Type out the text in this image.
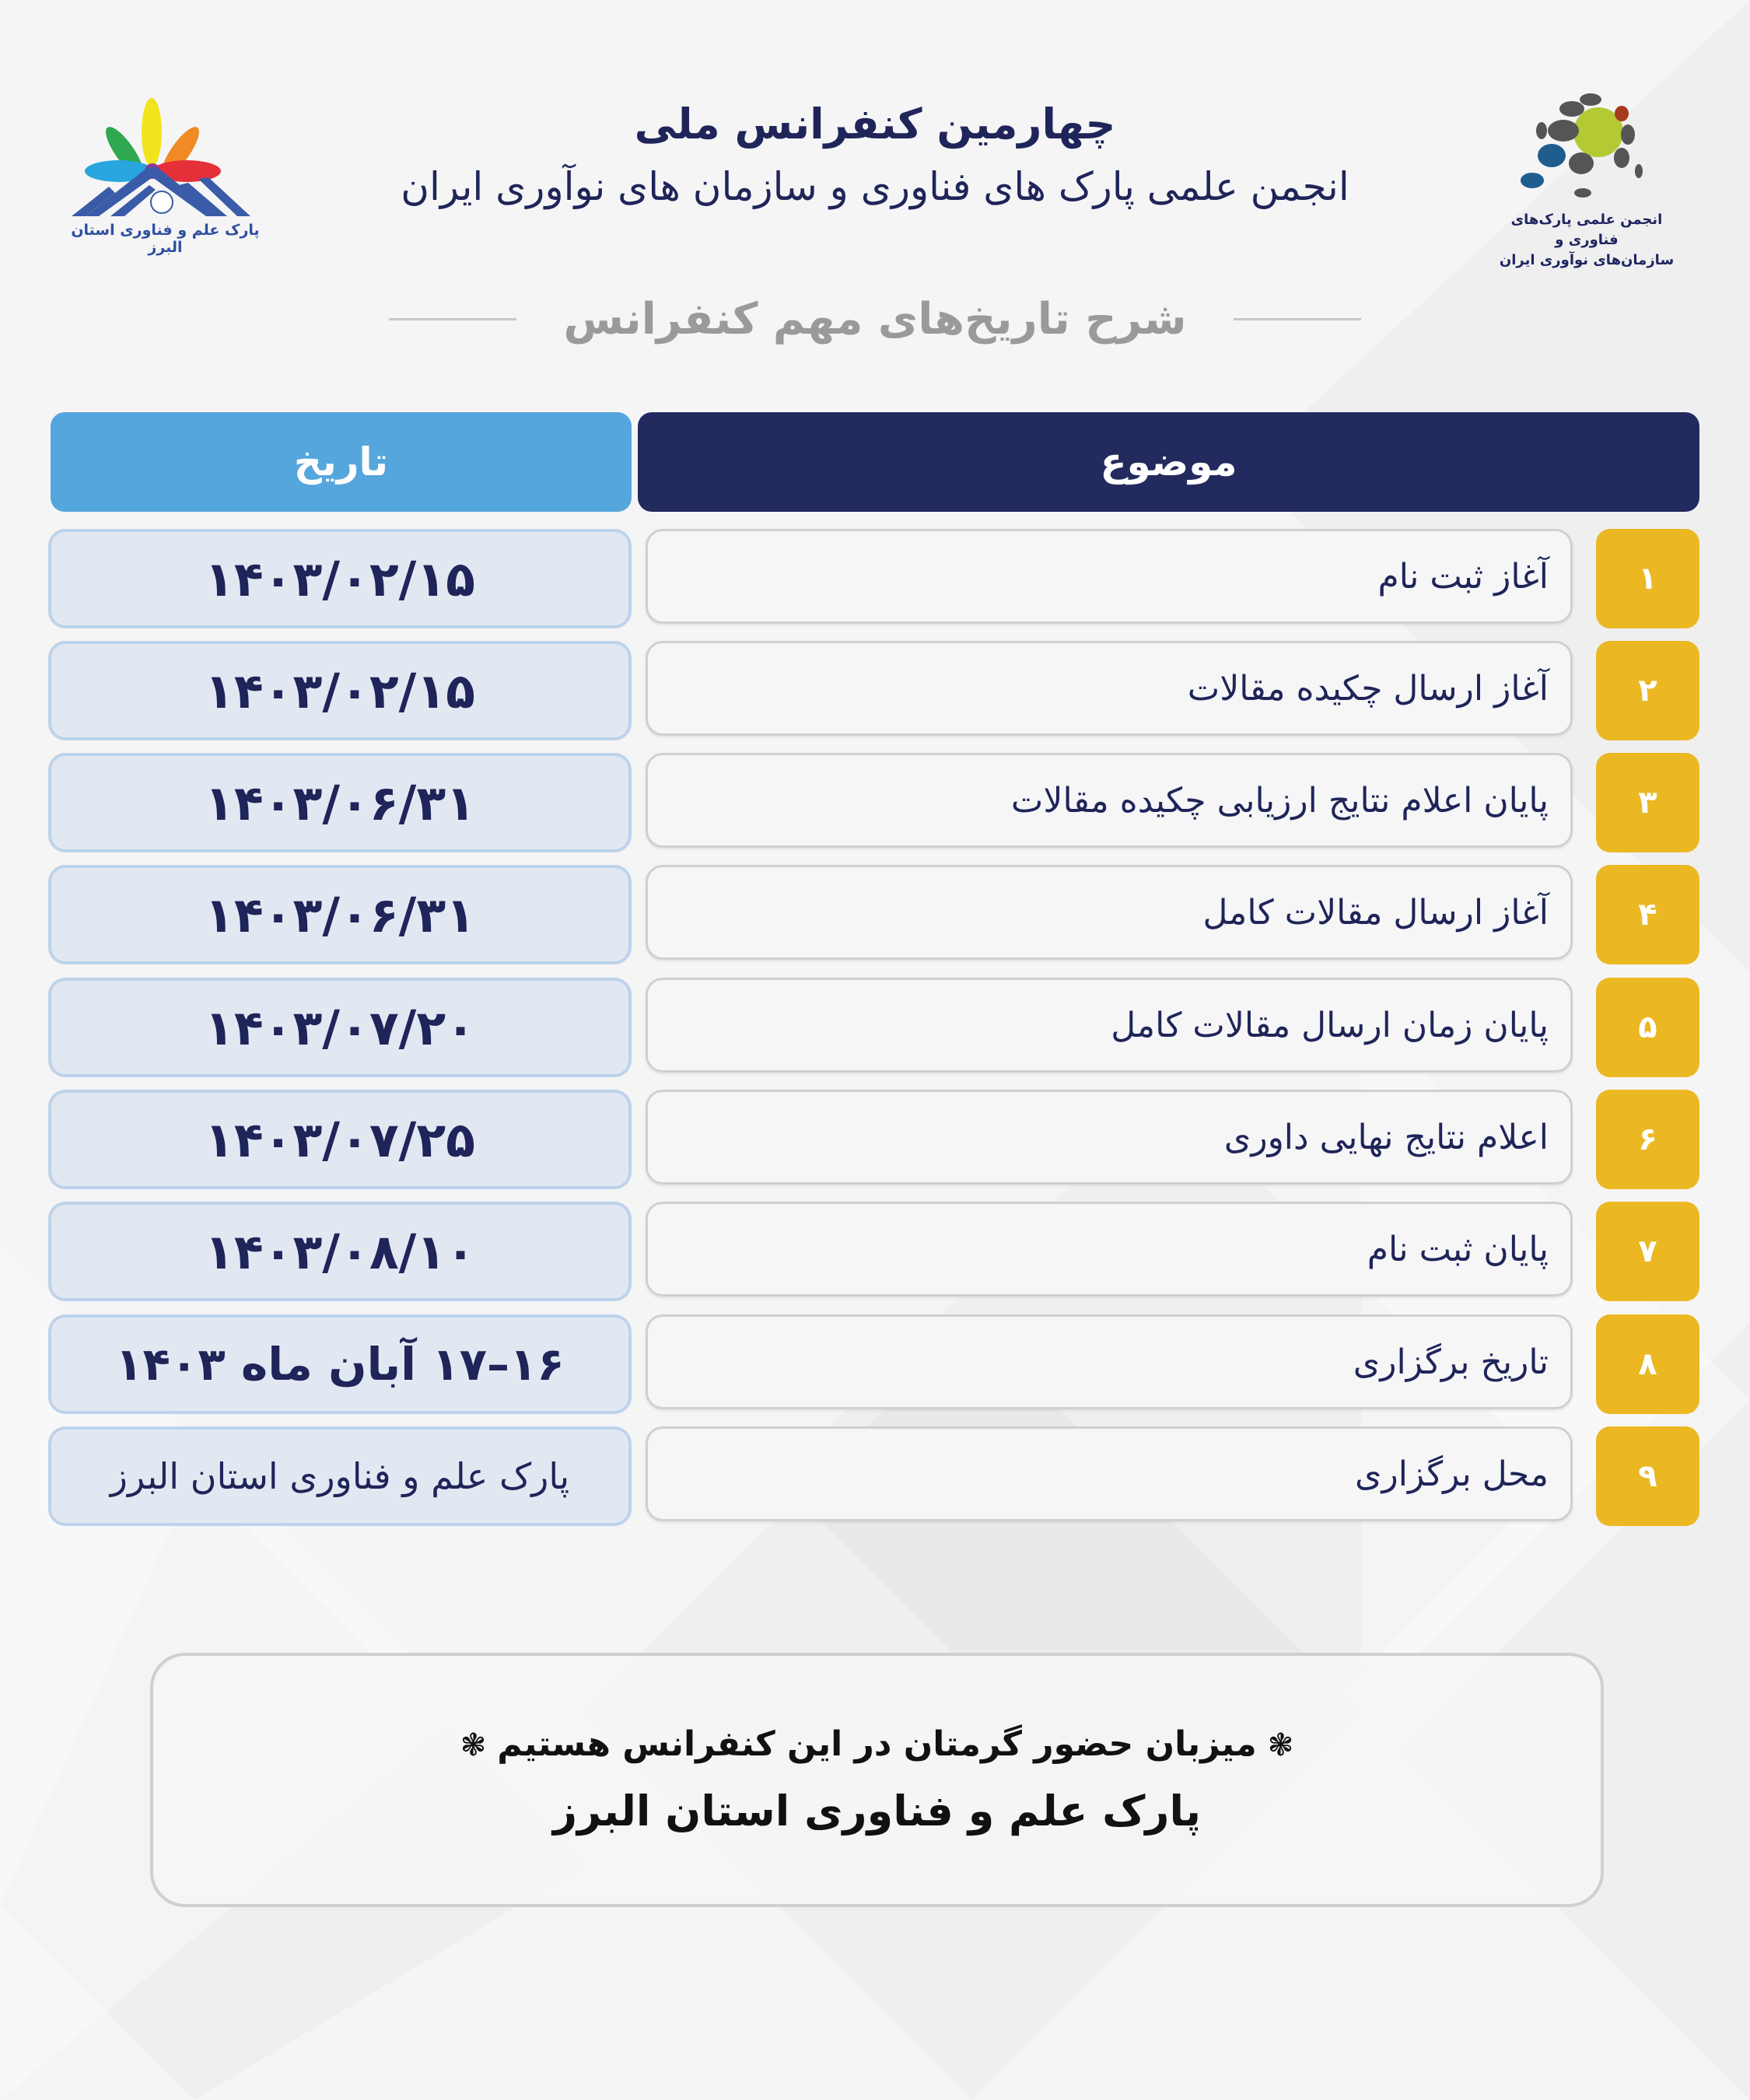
پارک علم و فناوری استان البرز
انجمن علمی پارک‌های فناوری و
سازمان‌های نوآوری ایران
چهارمین کنفرانس ملی
انجمن علمی پارک های فناوری و سازمان های نوآوری ایران
شرح تاریخ‌های مهم کنفرانس
تاریخ	موضوع
۱
آغاز ثبت نام
۱۴۰۳/۰۲/۱۵
۲
آغاز ارسال چکیده مقالات
۱۴۰۳/۰۲/۱۵
۳
پایان اعلام نتایج ارزیابی چکیده مقالات
۱۴۰۳/۰۶/۳۱
۴
آغاز ارسال مقالات کامل
۱۴۰۳/۰۶/۳۱
۵
پایان زمان ارسال مقالات کامل
۱۴۰۳/۰۷/۲۰
۶
اعلام نتایج نهایی داوری
۱۴۰۳/۰۷/۲۵
۷
پایان ثبت نام
۱۴۰۳/۰۸/۱۰
۸
تاریخ برگزاری
۱۶–۱۷ آبان ماه ۱۴۰۳
۹
محل برگزاری
پارک علم و فناوری استان البرز
❃میزبان حضور گرمتان در این کنفرانس هستیم❃
پارک علم و فناوری استان البرز
